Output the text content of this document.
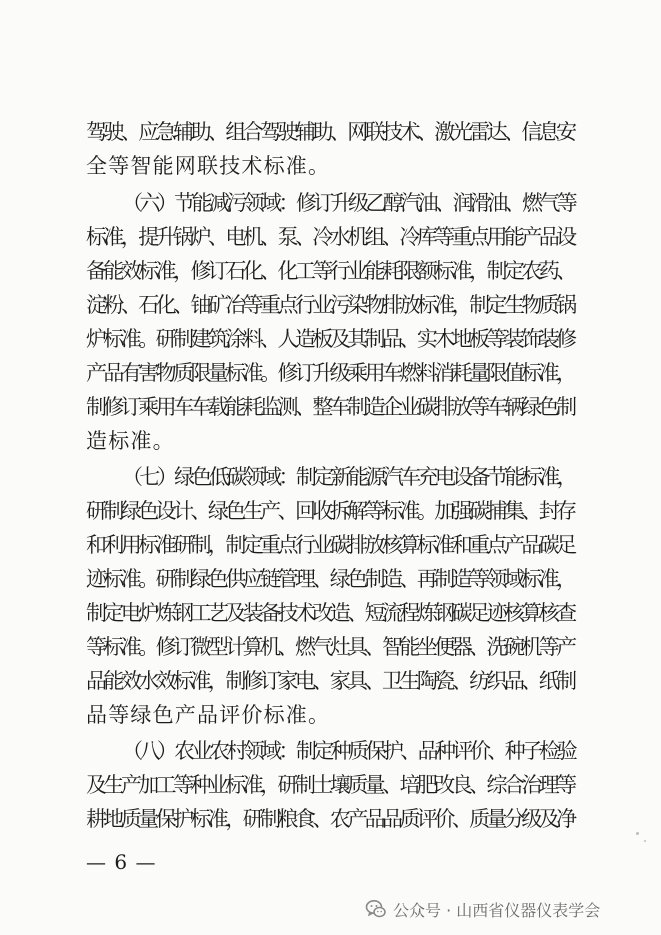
驾驶、应急辅助、组合驾驶辅助、网联技术、激光雷达、信息安
全等智能网联技术标准。
（六）节能减污领域：修订升级乙醇汽油、润滑油、燃气等
标准，提升锅炉、电机、泵、冷水机组、冷库等重点用能产品设
备能效标准，修订石化、化工等行业能耗限额标准，制定农药、
淀粉、石化、铀矿冶等重点行业污染物排放标准，制定生物质锅
炉标准。研制建筑涂料、人造板及其制品、实木地板等装饰装修
产品有害物质限量标准。修订升级乘用车燃料消耗量限值标准，
制修订乘用车车载能耗监测、整车制造企业碳排放等车辆绿色制
造标准。
（七）绿色低碳领域：制定新能源汽车充电设备节能标准，
研制绿色设计、绿色生产、回收拆解等标准。加强碳捕集、封存
和利用标准研制，制定重点行业碳排放核算标准和重点产品碳足
迹标准。研制绿色供应链管理、绿色制造、再制造等领域标准，
制定电炉炼钢工艺及装备技术改造、短流程炼钢碳足迹核算核查
等标准。修订微型计算机、燃气灶具、智能坐便器、洗碗机等产
品能效水效标准，制修订家电、家具、卫生陶瓷、纺织品、纸制
品等绿色产品评价标准。
（八）农业农村领域：制定种质保护、品种评价、种子检验
及生产加工等种业标准，研制土壤质量、培肥改良、综合治理等
耕地质量保护标准，研制粮食、农产品品质评价、质量分级及净
— 6 —
公众号 · 山西省仪器仪表学会
